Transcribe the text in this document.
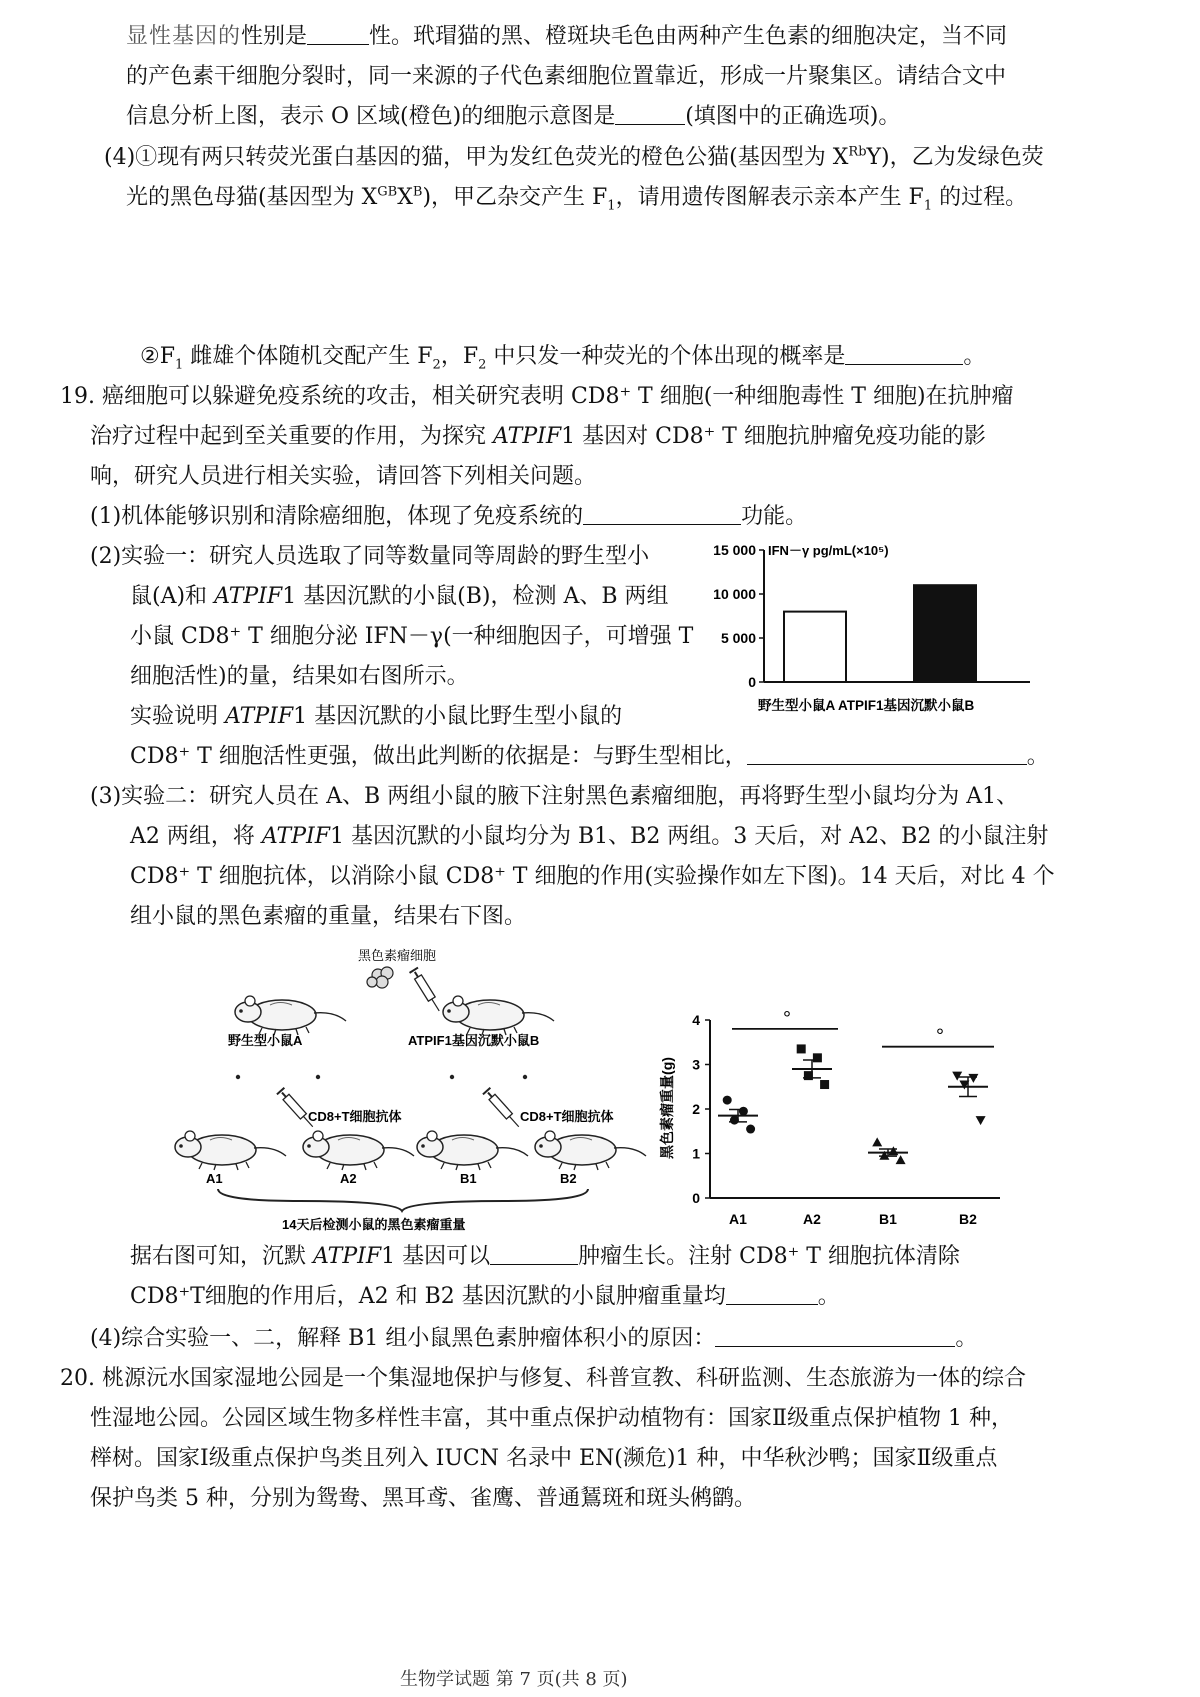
显性基因的性别是	性。玳瑁猫的黑、橙斑块毛色由两种产生色素的细胞决定，当不同
的产色素干细胞分裂时，同一来源的子代色素细胞位置靠近，形成一片聚集区。请结合文中
信息分析上图，表示 O 区域(橙色)的细胞示意图是	(填图中的正确选项)。
(4)①现有两只转荧光蛋白基因的猫，甲为发红色荧光的橙色公猫(基因型为 $X^{Rb}Y$)，乙为发绿色荧
光的黑色母猫(基因型为 $X^{GB}X^B$)，甲乙杂交产生 $F_1$，请用遗传图解表示亲本产生 $F_1$ 的过程。
$②F_1$ 雌雄个体随机交配产生 $F_2$，$F_2$ 中只发一种荧光的个体出现的概率是	。
19. 癌细胞可以躲避免疫系统的攻击，相关研究表明 CD8⁺ T 细胞(一种细胞毒性 T 细胞)在抗肿瘤
治疗过程中起到至关重要的作用，为探究 ATPIF1 基因对 CD8⁺ T 细胞抗肿瘤免疫功能的影
响，研究人员进行相关实验，请回答下列相关问题。
(1)机体能够识别和清除癌细胞，体现了免疫系统的	功能。
(2)实验一：研究人员选取了同等数量同等周龄的野生型小
鼠(A)和 ATPIF1 基因沉默的小鼠(B)，检测 A、B 两组
小鼠 CD8⁺ T 细胞分泌 IFN－γ(一种细胞因子，可增强 T
细胞活性)的量，结果如右图所示。
实验说明 ATPIF1 基因沉默的小鼠比野生型小鼠的
CD8⁺ T 细胞活性更强，做出此判断的依据是：与野生型相比，	。
0
5 000
10 000
15 000 IFN－γ pg/mL(×10⁵)
野生型小鼠A ATPIF1基因沉默小鼠B
(3)实验二：研究人员在 A、B 两组小鼠的腋下注射黑色素瘤细胞，再将野生型小鼠均分为 A1、
A2 两组，将 ATPIF1 基因沉默的小鼠均分为 B1、B2 两组。3 天后，对 A2、B2 的小鼠注射
CD8⁺ T 细胞抗体，以消除小鼠 CD8⁺ T 细胞的作用(实验操作如左下图)。14 天后，对比 4 个
组小鼠的黑色素瘤的重量，结果右下图。
黑色素瘤细胞
野生型小鼠A	ATPIF1基因沉默小鼠B
CD8+T细胞抗体	CD8+T细胞抗体
A1	A2	B1	B2
14天后检测小鼠的黑色素瘤重量
0
1
2
3
4
黑色素瘤重量(g)
A1	A2	B1	B2
°
°
据右图可知，沉默 ATPIF1 基因可以	肿瘤生长。注射 CD8⁺ T 细胞抗体清除
CD8⁺T细胞的作用后，A2 和 B2 基因沉默的小鼠肿瘤重量均	。
(4)综合实验一、二，解释 B1 组小鼠黑色素肿瘤体积小的原因：	。
20. 桃源沅水国家湿地公园是一个集湿地保护与修复、科普宣教、科研监测、生态旅游为一体的综合
性湿地公园。公园区域生物多样性丰富，其中重点保护动植物有：国家Ⅱ级重点保护植物 1 种，
榉树。国家Ⅰ级重点保护鸟类且列入 IUCN 名录中 EN(濒危)1 种，中华秋沙鸭；国家Ⅱ级重点
保护鸟类 5 种，分别为鸳鸯、黑耳鸢、雀鹰、普通鵟斑和斑头鸺鹠。
生物学试题 第 7 页(共 8 页)
